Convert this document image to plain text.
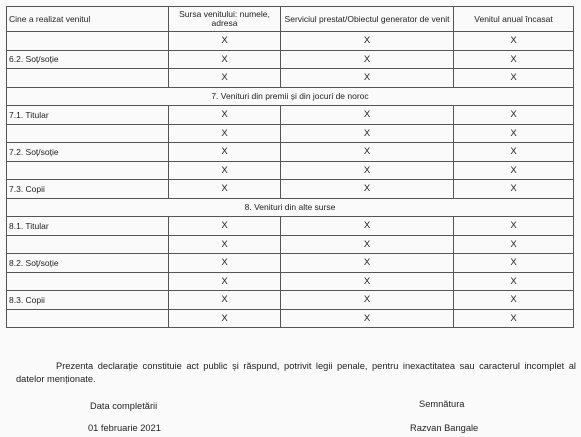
Cine a realizat venitul	Sursa venitului: numele, adresa	Serviciul prestat/Obiectul generator de venit	Venitul anual încasat
	X	X	X
6.2. Soț/soție	X	X	X
	X	X	X
7. Venituri din premii și din jocuri de noroc			
7.1. Titular	X	X	X
	X	X	X
7.2. Soț/soție	X	X	X
	X	X	X
7.3. Copii	X	X	X
8. Venituri din alte surse			
8.1. Titular	X	X	X
	X	X	X
8.2. Soț/soție	X	X	X
	X	X	X
8.3. Copii	X	X	X
	X	X	X
Prezenta declarație constituie act public și răspund, potrivit legii penale, pentru inexactitatea sau caracterul incomplet al datelor menționate.
Data completării
01 februarie 2021
Semnătura
Razvan Bangale
